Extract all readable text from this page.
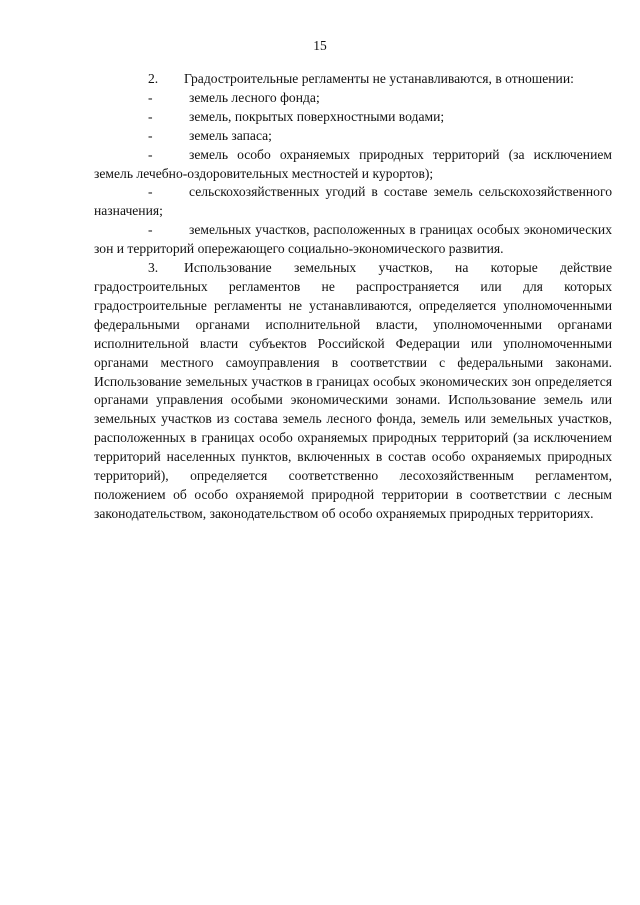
15

2. Градостроительные регламенты не устанавливаются, в отношении:

-	земель лесного фонда;

-	земель, покрытых поверхностными водами;

-	земель запаса;

-	земель особо охраняемых природных территорий (за исключением земель лечебно-оздоровительных местностей и курортов);

-	сельскохозяйственных угодий в составе земель сельскохозяйственного назначения;

-	земельных участков, расположенных в границах особых экономических зон и территорий опережающего социально-экономического развития.

3. Использование земельных участков, на которые действие градостроительных регламентов не распространяется или для которых градостроительные регламенты не устанавливаются, определяется уполномоченными федеральными органами исполнительной власти, уполномоченными органами исполнительной власти субъектов Российской Федерации или уполномоченными органами местного самоуправления в соответствии с федеральными законами. Использование земельных участков в границах особых экономических зон определяется органами управления особыми экономическими зонами. Использование земель или земельных участков из состава земель лесного фонда, земель или земельных участков, расположенных в границах особо охраняемых природных территорий (за исключением территорий населенных пунктов, включенных в состав особо охраняемых природных территорий), определяется соответственно лесохозяйственным регламентом, положением об особо охраняемой природной территории в соответствии с лесным законодательством, законодательством об особо охраняемых природных территориях.
